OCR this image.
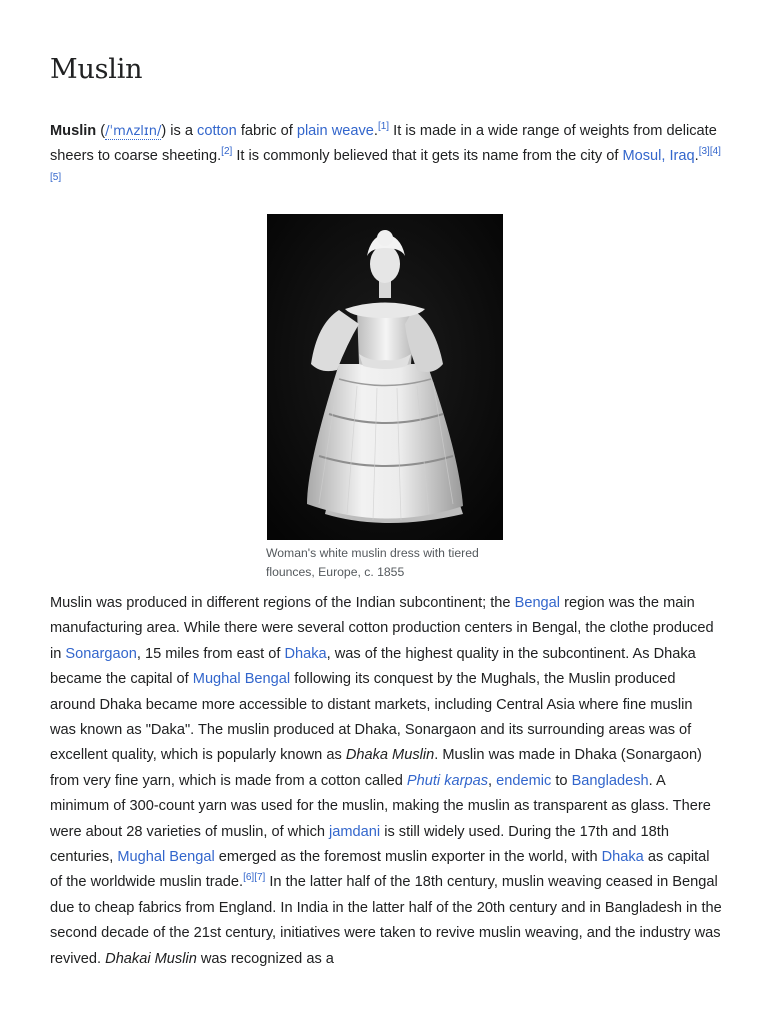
Muslin

Muslin (/ˈmʌzlɪn/) is a cotton fabric of plain weave.[1] It is made in a wide range of weights from delicate sheers to coarse sheeting.[2] It is commonly believed that it gets its name from the city of Mosul, Iraq.[3][4][5]

Woman's white muslin dress with tiered flounces, Europe, c. 1855

Muslin was produced in different regions of the Indian subcontinent; the Bengal region was the main manufacturing area. While there were several cotton production centers in Bengal, the clothe produced in Sonargaon, 15 miles from east of Dhaka, was of the highest quality in the subcontinent. As Dhaka became the capital of Mughal Bengal following its conquest by the Mughals, the Muslin produced around Dhaka became more accessible to distant markets, including Central Asia where fine muslin was known as "Daka". The muslin produced at Dhaka, Sonargaon and its surrounding areas was of excellent quality, which is popularly known as Dhaka Muslin. Muslin was made in Dhaka (Sonargaon) from very fine yarn, which is made from a cotton called Phuti karpas, endemic to Bangladesh. A minimum of 300-count yarn was used for the muslin, making the muslin as transparent as glass. There were about 28 varieties of muslin, of which jamdani is still widely used. During the 17th and 18th centuries, Mughal Bengal emerged as the foremost muslin exporter in the world, with Dhaka as capital of the worldwide muslin trade.[6][7] In the latter half of the 18th century, muslin weaving ceased in Bengal due to cheap fabrics from England. In India in the latter half of the 20th century and in Bangladesh in the second decade of the 21st century, initiatives were taken to revive muslin weaving, and the industry was revived. Dhakai Muslin was recognized as a
